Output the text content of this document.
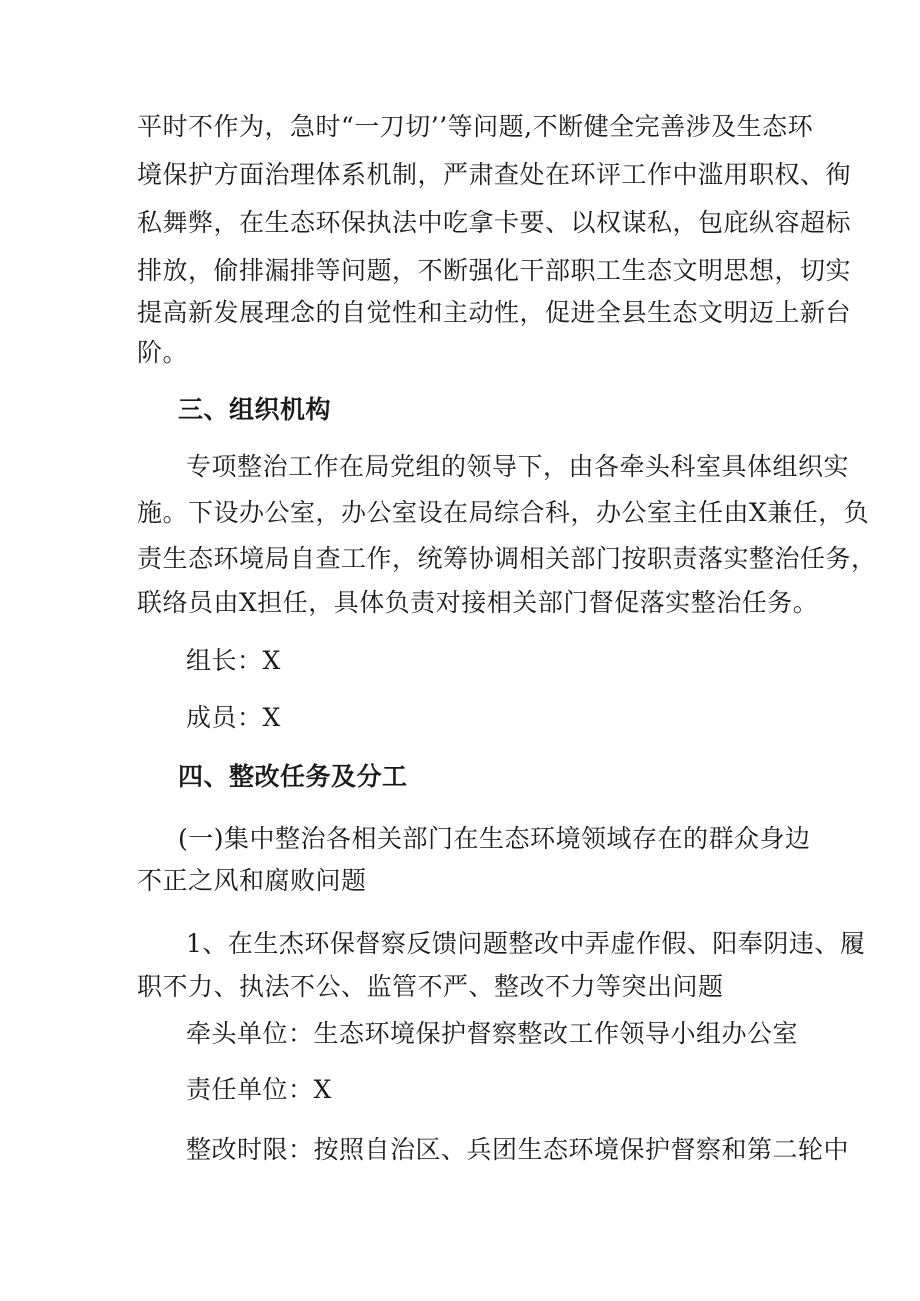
平时不作为，急时“一刀切’’等问题,不断健全完善涉及生态环
境保护方面治理体系机制，严肃查处在环评工作中滥用职权、徇
私舞弊，在生态环保执法中吃拿卡要、以权谋私，包庇纵容超标
排放，偷排漏排等问题，不断强化干部职工生态文明思想，切实
提高新发展理念的自觉性和主动性，促进全县生态文明迈上新台
阶。
三、组织机构
专项整治工作在局党组的领导下，由各牵头科室具体组织实
施。下设办公室，办公室设在局综合科，办公室主任由X兼任，负
责生态环境局自查工作，统筹协调相关部门按职责落实整治任务，
联络员由X担任，具体负责对接相关部门督促落实整治任务。
组长：X
成员：X
四、整改任务及分工
(一)集中整治各相关部门在生态环境领域存在的群众身边
不正之风和腐败问题
1、在生杰环保督察反馈问题整改中弄虚作假、阳奉阴违、履
职不力、执法不公、监管不严、整改不力等突出问题
牵头单位：生态环境保护督察整改工作领导小组办公室
责任单位：X
整改时限：按照自治区、兵团生态环境保护督察和第二轮中
